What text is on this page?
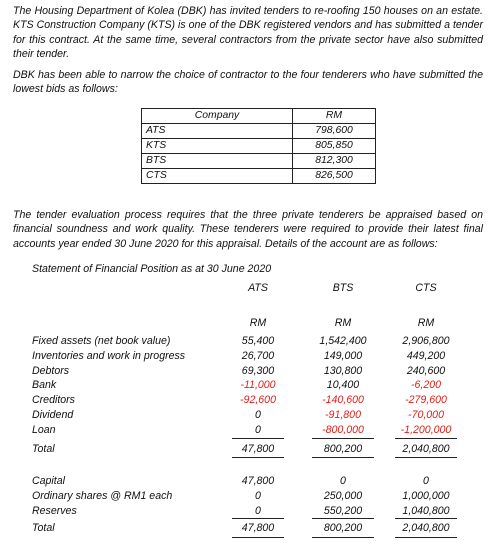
The Housing Department of Kolea (DBK) has invited tenders to re-roofing 150 houses on an estate. KTS Construction Company (KTS) is one of the DBK registered vendors and has submitted a tender for this contract. At the same time, several contractors from the private sector have also submitted their tender.

DBK has been able to narrow the choice of contractor to the four tenderers who have submitted the lowest bids as follows:

Company	RM
ATS	798,600
KTS	805,850
BTS	812,300
CTS	826,500

The tender evaluation process requires that the three private tenderers be appraised based on financial soundness and work quality. These tenderers were required to provide their latest final accounts year ended 30 June 2020 for this appraisal. Details of the account are as follows:

Statement of Financial Position as at 30 June 2020
ATS	BTS	CTS
RM	RM	RM
Fixed assets (net book value)	55,400	1,542,400	2,906,800
Inventories and work in progress	26,700	149,000	449,200
Debtors	69,300	130,800	240,600
Bank	-11,000	10,400	-6,200
Creditors	-92,600	-140,600	-279,600
Dividend	0	-91,800	-70,000
Loan	0	-800,000	-1,200,000
Total	47,800	800,200	2,040,800
Capital	47,800	0	0
Ordinary shares @ RM1 each	0	250,000	1,000,000
Reserves	0	550,200	1,040,800
Total	47,800	800,200	2,040,800
